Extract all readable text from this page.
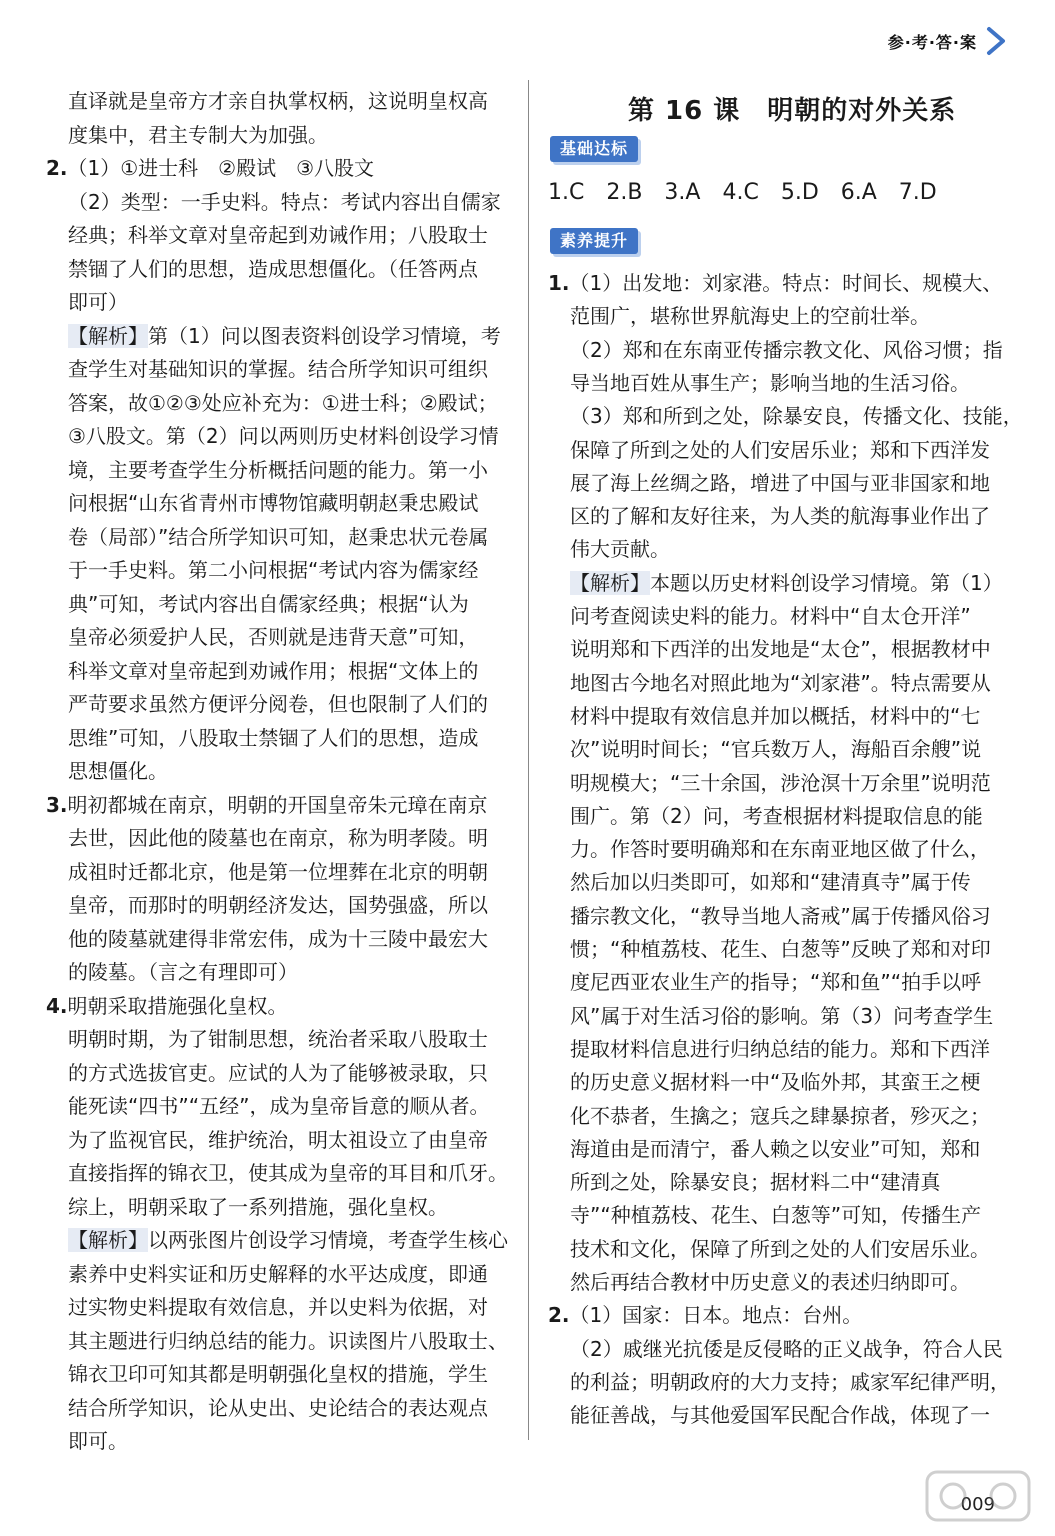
参·考·答·案
直译就是皇帝方才亲自执掌权柄，这说明皇权高
度集中，君主专制大为加强。
2.（1）①进士科　②殿试　③八股文
（2）类型：一手史料。特点：考试内容出自儒家
经典；科举文章对皇帝起到劝诫作用；八股取士
禁锢了人们的思想，造成思想僵化。（任答两点
即可）
【解析】第（1）问以图表资料创设学习情境，考
查学生对基础知识的掌握。结合所学知识可组织
答案，故①②③处应补充为：①进士科；②殿试；
③八股文。第（2）问以两则历史材料创设学习情
境，主要考查学生分析概括问题的能力。第一小
问根据“山东省青州市博物馆藏明朝赵秉忠殿试
卷（局部）”结合所学知识可知，赵秉忠状元卷属
于一手史料。第二小问根据“考试内容为儒家经
典”可知，考试内容出自儒家经典；根据“认为
皇帝必须爱护人民，否则就是违背天意”可知，
科举文章对皇帝起到劝诫作用；根据“文体上的
严苛要求虽然方便评分阅卷，但也限制了人们的
思维”可知，八股取士禁锢了人们的思想，造成
思想僵化。
3.明初都城在南京，明朝的开国皇帝朱元璋在南京
去世，因此他的陵墓也在南京，称为明孝陵。明
成祖时迁都北京，他是第一位埋葬在北京的明朝
皇帝，而那时的明朝经济发达，国势强盛，所以
他的陵墓就建得非常宏伟，成为十三陵中最宏大
的陵墓。（言之有理即可）
4.明朝采取措施强化皇权。
明朝时期，为了钳制思想，统治者采取八股取士
的方式选拔官吏。应试的人为了能够被录取，只
能死读“四书”“五经”，成为皇帝旨意的顺从者。
为了监视官民，维护统治，明太祖设立了由皇帝
直接指挥的锦衣卫，使其成为皇帝的耳目和爪牙。
综上，明朝采取了一系列措施，强化皇权。
【解析】以两张图片创设学习情境，考查学生核心
素养中史料实证和历史解释的水平达成度，即通
过实物史料提取有效信息，并以史料为依据，对
其主题进行归纳总结的能力。识读图片八股取士、
锦衣卫印可知其都是明朝强化皇权的措施，学生
结合所学知识，论从史出、史论结合的表达观点
即可。
第 16 课　明朝的对外关系
基础达标
1.C　2.B　3.A　4.C　5.D　6.A　7.D
素养提升
1.（1）出发地：刘家港。特点：时间长、规模大、
范围广，堪称世界航海史上的空前壮举。
（2）郑和在东南亚传播宗教文化、风俗习惯；指
导当地百姓从事生产；影响当地的生活习俗。
（3）郑和所到之处，除暴安良，传播文化、技能，
保障了所到之处的人们安居乐业；郑和下西洋发
展了海上丝绸之路，增进了中国与亚非国家和地
区的了解和友好往来，为人类的航海事业作出了
伟大贡献。
【解析】本题以历史材料创设学习情境。第（1）
问考查阅读史料的能力。材料中“自太仓开洋”
说明郑和下西洋的出发地是“太仓”，根据教材中
地图古今地名对照此地为“刘家港”。特点需要从
材料中提取有效信息并加以概括，材料中的“七
次”说明时间长；“官兵数万人，海船百余艘”说
明规模大；“三十余国，涉沧溟十万余里”说明范
围广。第（2）问，考查根据材料提取信息的能
力。作答时要明确郑和在东南亚地区做了什么，
然后加以归类即可，如郑和“建清真寺”属于传
播宗教文化，“教导当地人斋戒”属于传播风俗习
惯；“种植荔枝、花生、白葱等”反映了郑和对印
度尼西亚农业生产的指导；“郑和鱼”“拍手以呼
风”属于对生活习俗的影响。第（3）问考查学生
提取材料信息进行归纳总结的能力。郑和下西洋
的历史意义据材料一中“及临外邦，其蛮王之梗
化不恭者，生擒之；寇兵之肆暴掠者，殄灭之；
海道由是而清宁，番人赖之以安业”可知，郑和
所到之处，除暴安良；据材料二中“建清真
寺”“种植荔枝、花生、白葱等”可知，传播生产
技术和文化，保障了所到之处的人们安居乐业。
然后再结合教材中历史意义的表述归纳即可。
2.（1）国家：日本。地点：台州。
（2）戚继光抗倭是反侵略的正义战争，符合人民
的利益；明朝政府的大力支持；戚家军纪律严明，
能征善战，与其他爱国军民配合作战，体现了一
009
